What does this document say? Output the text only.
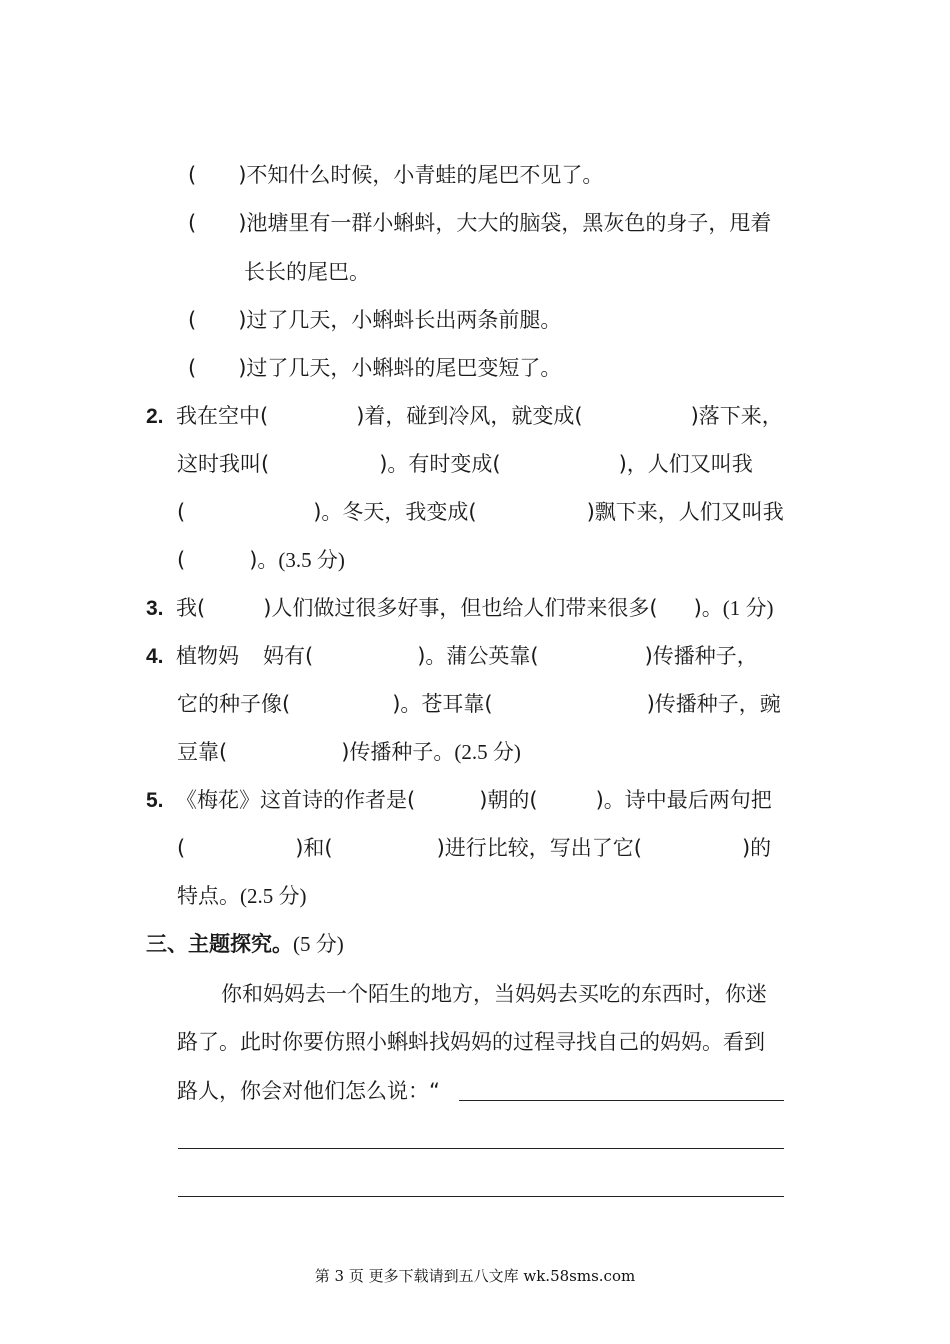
( )不知什么时候，小青蛙的尾巴不见了。
( )池塘里有一群小蝌蚪，大大的脑袋，黑灰色的身子，甩着
长长的尾巴。
( )过了几天，小蝌蚪长出两条前腿。
( )过了几天，小蝌蚪的尾巴变短了。
2. 我在空中(	)着，碰到冷风，就变成(	)落下来，
这时我叫(	)。有时变成(	)，人们又叫我
(	)。冬天，我变成(	)飘下来，人们又叫我
(	)。(3.5 分)
3. 我(	)人们做过很多好事，但也给人们带来很多( )。(1 分)
4. 植物妈 妈有(	)。蒲公英靠(	)传播种子，
它的种子像(	)。苍耳靠(	)传播种子，豌
豆靠(	)传播种子。(2.5 分)
5. 《梅花》这首诗的作者是(	)朝的(	)。诗中最后两句把
(	)和(	)进行比较，写出了它(	)的
特点。(2.5 分)
三、主题探究。(5 分)
你和妈妈去一个陌生的地方，当妈妈去买吃的东西时，你迷
路了。此时你要仿照小蝌蚪找妈妈的过程寻找自己的妈妈。看到
路人，你会对他们怎么说：“
第 3 页 更多下载请到五八文库 wk.58sms.com
